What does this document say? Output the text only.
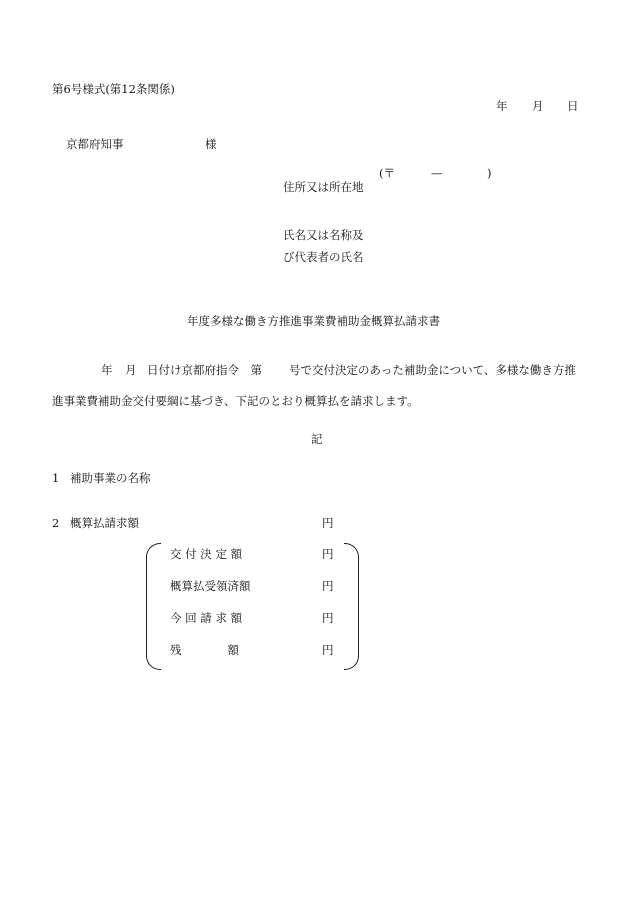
第6号様式(第12条関係)
年 月 日
京都府知事	様
(〒	—	)
住所又は所在地
氏名又は名称及
び代表者の氏名
年度多様な働き方推進事業費補助金概算払請求書
年 月 日付け京都府指令　第 号で交付決定のあった補助金について、多様な働き方推
進事業費補助金交付要綱に基づき、下記のとおり概算払を請求します。
記
1 補助事業の名称
2 概算払請求額	円
交 付 決 定 額	円
概算払受領済額	円
今 回 請 求 額	円
残　　　　額	円
